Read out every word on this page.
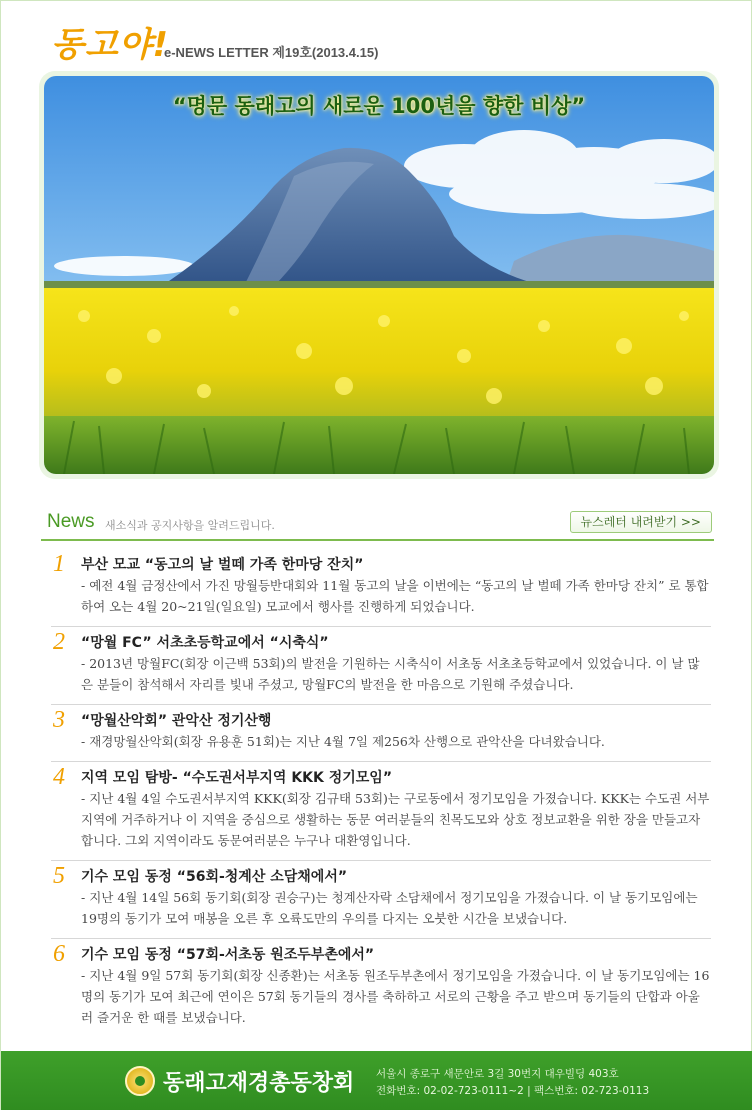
동고야!
e-NEWS LETTER 제19호(2013.4.15)
“명문 동래고의 새로운 100년을 향한 비상”
News 새소식과 공지사항을 알려드립니다.	뉴스레터 내려받기 >>
1 부산 모교 “동고의 날 벌떼 가족 한마당 잔치”
- 예전 4월 금정산에서 가진 망월등반대회와 11월 동고의 날을 이번에는 “동고의 날 벌떼 가족 한마당 잔치” 로 통합하여 오는 4월 20~21일(일요일) 모교에서 행사를 진행하게 되었습니다.
2 “망월 FC” 서초초등학교에서 “시축식”
- 2013년 망월FC(회장 이근백 53회)의 발전을 기원하는 시축식이 서초동 서초초등학교에서 있었습니다. 이 날 많은 분들이 참석해서 자리를 빛내 주셨고, 망월FC의 발전을 한 마음으로 기원해 주셨습니다.
3 “망월산악회” 관악산 정기산행
- 재경망월산악회(회장 유용훈 51회)는 지난 4월 7일 제256차 산행으로 관악산을 다녀왔습니다.
4 지역 모임 탐방- “수도권서부지역 KKK 정기모임”
- 지난 4월 4일 수도권서부지역 KKK(회장 김규태 53회)는 구로동에서 정기모임을 가졌습니다. KKK는 수도권 서부지역에 거주하거나 이 지역을 중심으로 생활하는 동문 여러분들의 친목도모와 상호 정보교환을 위한 장을 만들고자 합니다. 그외 지역이라도 동문여러분은 누구나 대환영입니다.
5 기수 모임 동정 “56회-청계산 소담채에서”
- 지난 4월 14일 56회 동기회(회장 권승구)는 청계산자락 소담채에서 정기모임을 가졌습니다. 이 날 동기모임에는 19명의 동기가 모여 매봉을 오른 후 오륙도만의 우의를 다지는 오붓한 시간을 보냈습니다.
6 기수 모임 동정 “57회-서초동 원조두부촌에서”
- 지난 4월 9일 57회 동기회(회장 신종환)는 서초동 원조두부촌에서 정기모임을 가졌습니다. 이 날 동기모임에는 16명의 동기가 모여 최근에 연이은 57회 동기들의 경사를 축하하고 서로의 근황을 주고 받으며 동기들의 단합과 아울러 즐거운 한 때를 보냈습니다.
동래고재경총동창회 서울시 종로구 새문안로 3길 30번지 대우빌딩 403호
전화번호: 02-02-723-0111~2 | 팩스번호: 02-723-0113
